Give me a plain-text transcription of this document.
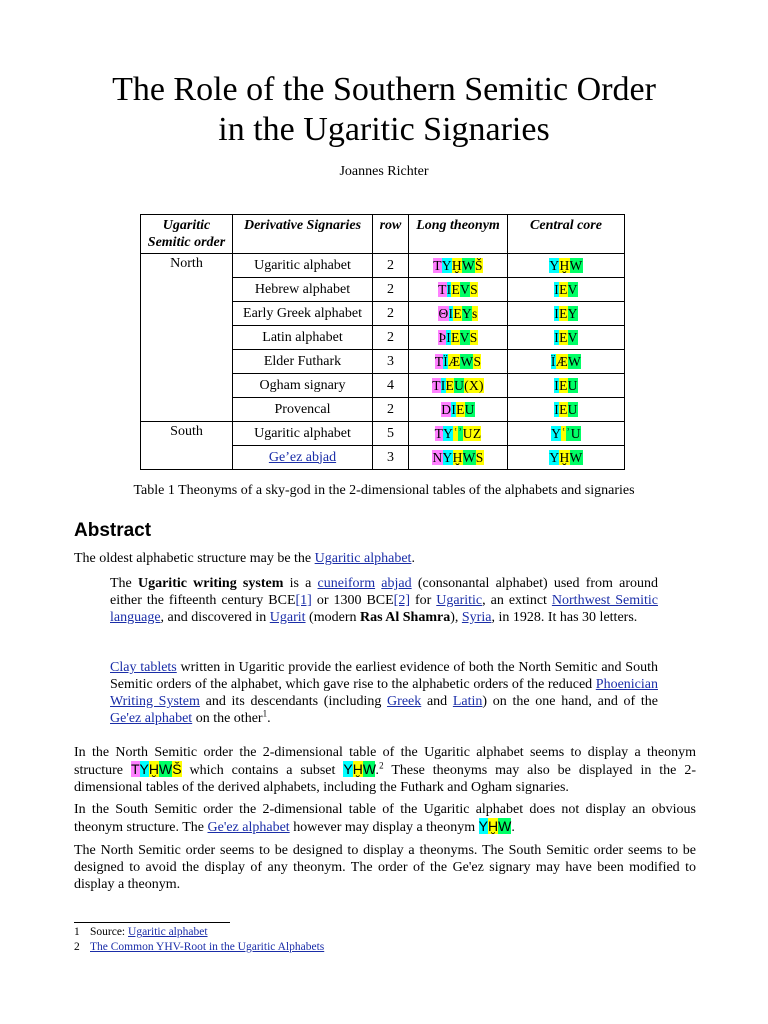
The Role of the Southern Semitic Order
in the Ugaritic Signaries
Joannes Richter
Ugaritic Semitic order	Derivative Signaries	row	Long theonym	Central core
North	Ugaritic alphabet	2	TYḪWŠ	YḪW
	Hebrew alphabet	2	TIEVS	IEV
	Early Greek alphabet	2	ΘIEYs	IEY
	Latin alphabet	2	ÞIEVS	IEV
	Elder Futhark	3	TÏÆWS	ÏÆW
	Ogham signary	4	TIEU(X)	IEU
	Provencal	2	DIEU	IEU
South	Ugaritic alphabet	5	TYʿʾUZ	YʿʾU
	Ge’ez abjad	3	NYḪWS	YḪW
Table 1 Theonyms of a sky-god in the 2-dimensional tables of the alphabets and signaries
Abstract
The oldest alphabetic structure may be the Ugaritic alphabet.
The Ugaritic writing system is a cuneiform abjad (consonantal alphabet) used from around either the fifteenth century BCE[1] or 1300 BCE[2] for Ugaritic, an extinct Northwest Semitic language, and discovered in Ugarit (modern Ras Al Shamra), Syria, in 1928. It has 30 letters.
Clay tablets written in Ugaritic provide the earliest evidence of both the North Semitic and South Semitic orders of the alphabet, which gave rise to the alphabetic orders of the reduced Phoenician Writing System and its descendants (including Greek and Latin) on the one hand, and of the Ge'ez alphabet on the other$^1$.
In the North Semitic order the 2-dimensional table of the Ugaritic alphabet seems to display a theonym structure TYḪWŠ which contains a subset YḪW.$^2$ These theonyms may also be displayed in the 2-dimensional tables of the derived alphabets, including the Futhark and Ogham signaries.
In the South Semitic order the 2-dimensional table of the Ugaritic alphabet does not display an obvious theonym structure. The Ge'ez alphabet however may display a theonym YḪW.
The North Semitic order seems to be designed to display a theonyms. The South Semitic order seems to be designed to avoid the display of any theonym. The order of the Ge'ez signary may have been modified to display a theonym.
1 Source: Ugaritic alphabet
2 The Common YHV-Root in the Ugaritic Alphabets
